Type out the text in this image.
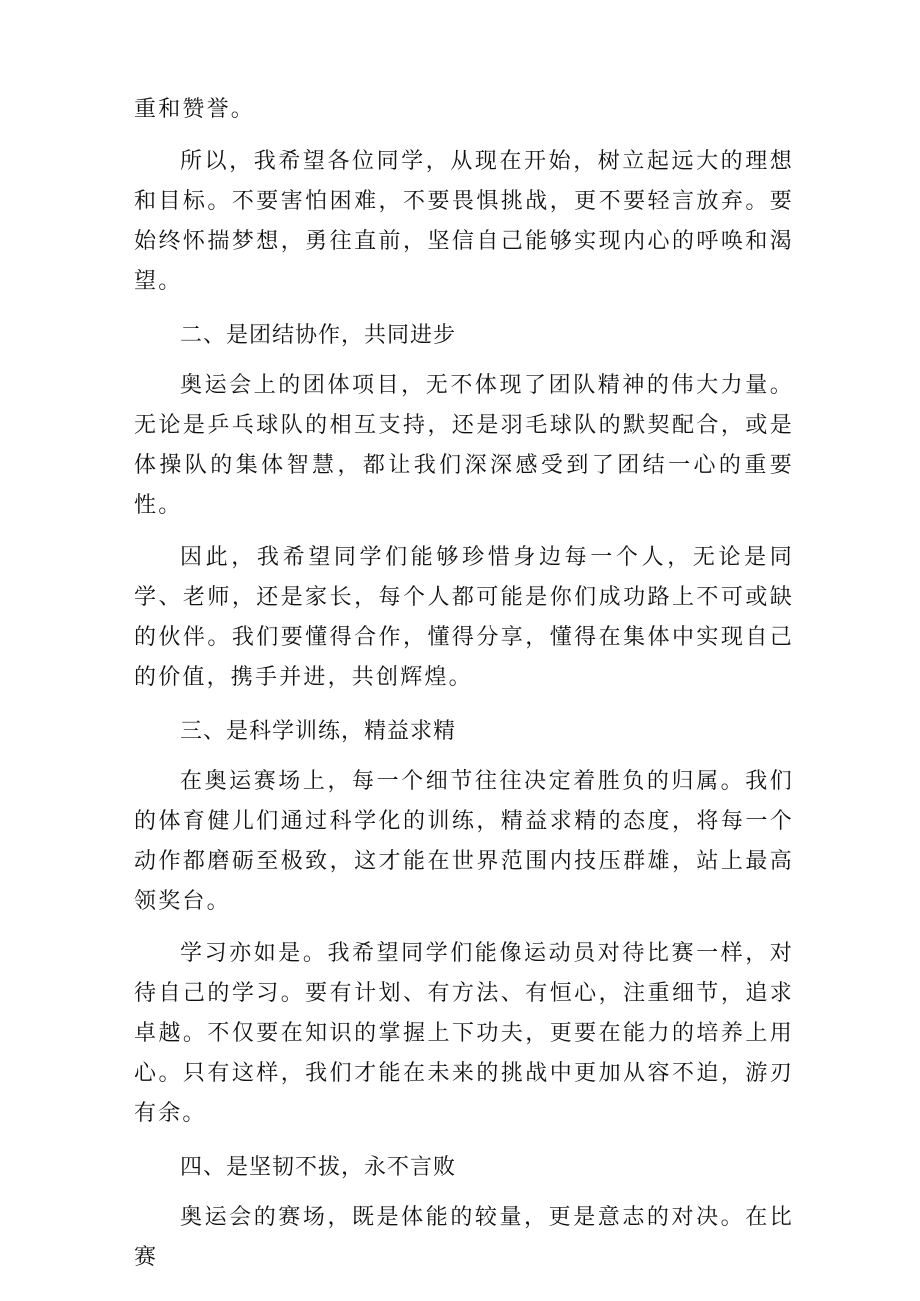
重和赞誉。

所以，我希望各位同学，从现在开始，树立起远大的理想和目标。不要害怕困难，不要畏惧挑战，更不要轻言放弃。要始终怀揣梦想，勇往直前，坚信自己能够实现内心的呼唤和渴望。

二、是团结协作，共同进步

奥运会上的团体项目，无不体现了团队精神的伟大力量。无论是乒乓球队的相互支持，还是羽毛球队的默契配合，或是体操队的集体智慧，都让我们深深感受到了团结一心的重要性。

因此，我希望同学们能够珍惜身边每一个人，无论是同学、老师，还是家长，每个人都可能是你们成功路上不可或缺的伙伴。我们要懂得合作，懂得分享，懂得在集体中实现自己的价值，携手并进，共创辉煌。

三、是科学训练，精益求精

在奥运赛场上，每一个细节往往决定着胜负的归属。我们的体育健儿们通过科学化的训练，精益求精的态度，将每一个动作都磨砺至极致，这才能在世界范围内技压群雄，站上最高领奖台。

学习亦如是。我希望同学们能像运动员对待比赛一样，对待自己的学习。要有计划、有方法、有恒心，注重细节，追求卓越。不仅要在知识的掌握上下功夫，更要在能力的培养上用心。只有这样，我们才能在未来的挑战中更加从容不迫，游刃有余。

四、是坚韧不拔，永不言败

奥运会的赛场，既是体能的较量，更是意志的对决。在比赛
